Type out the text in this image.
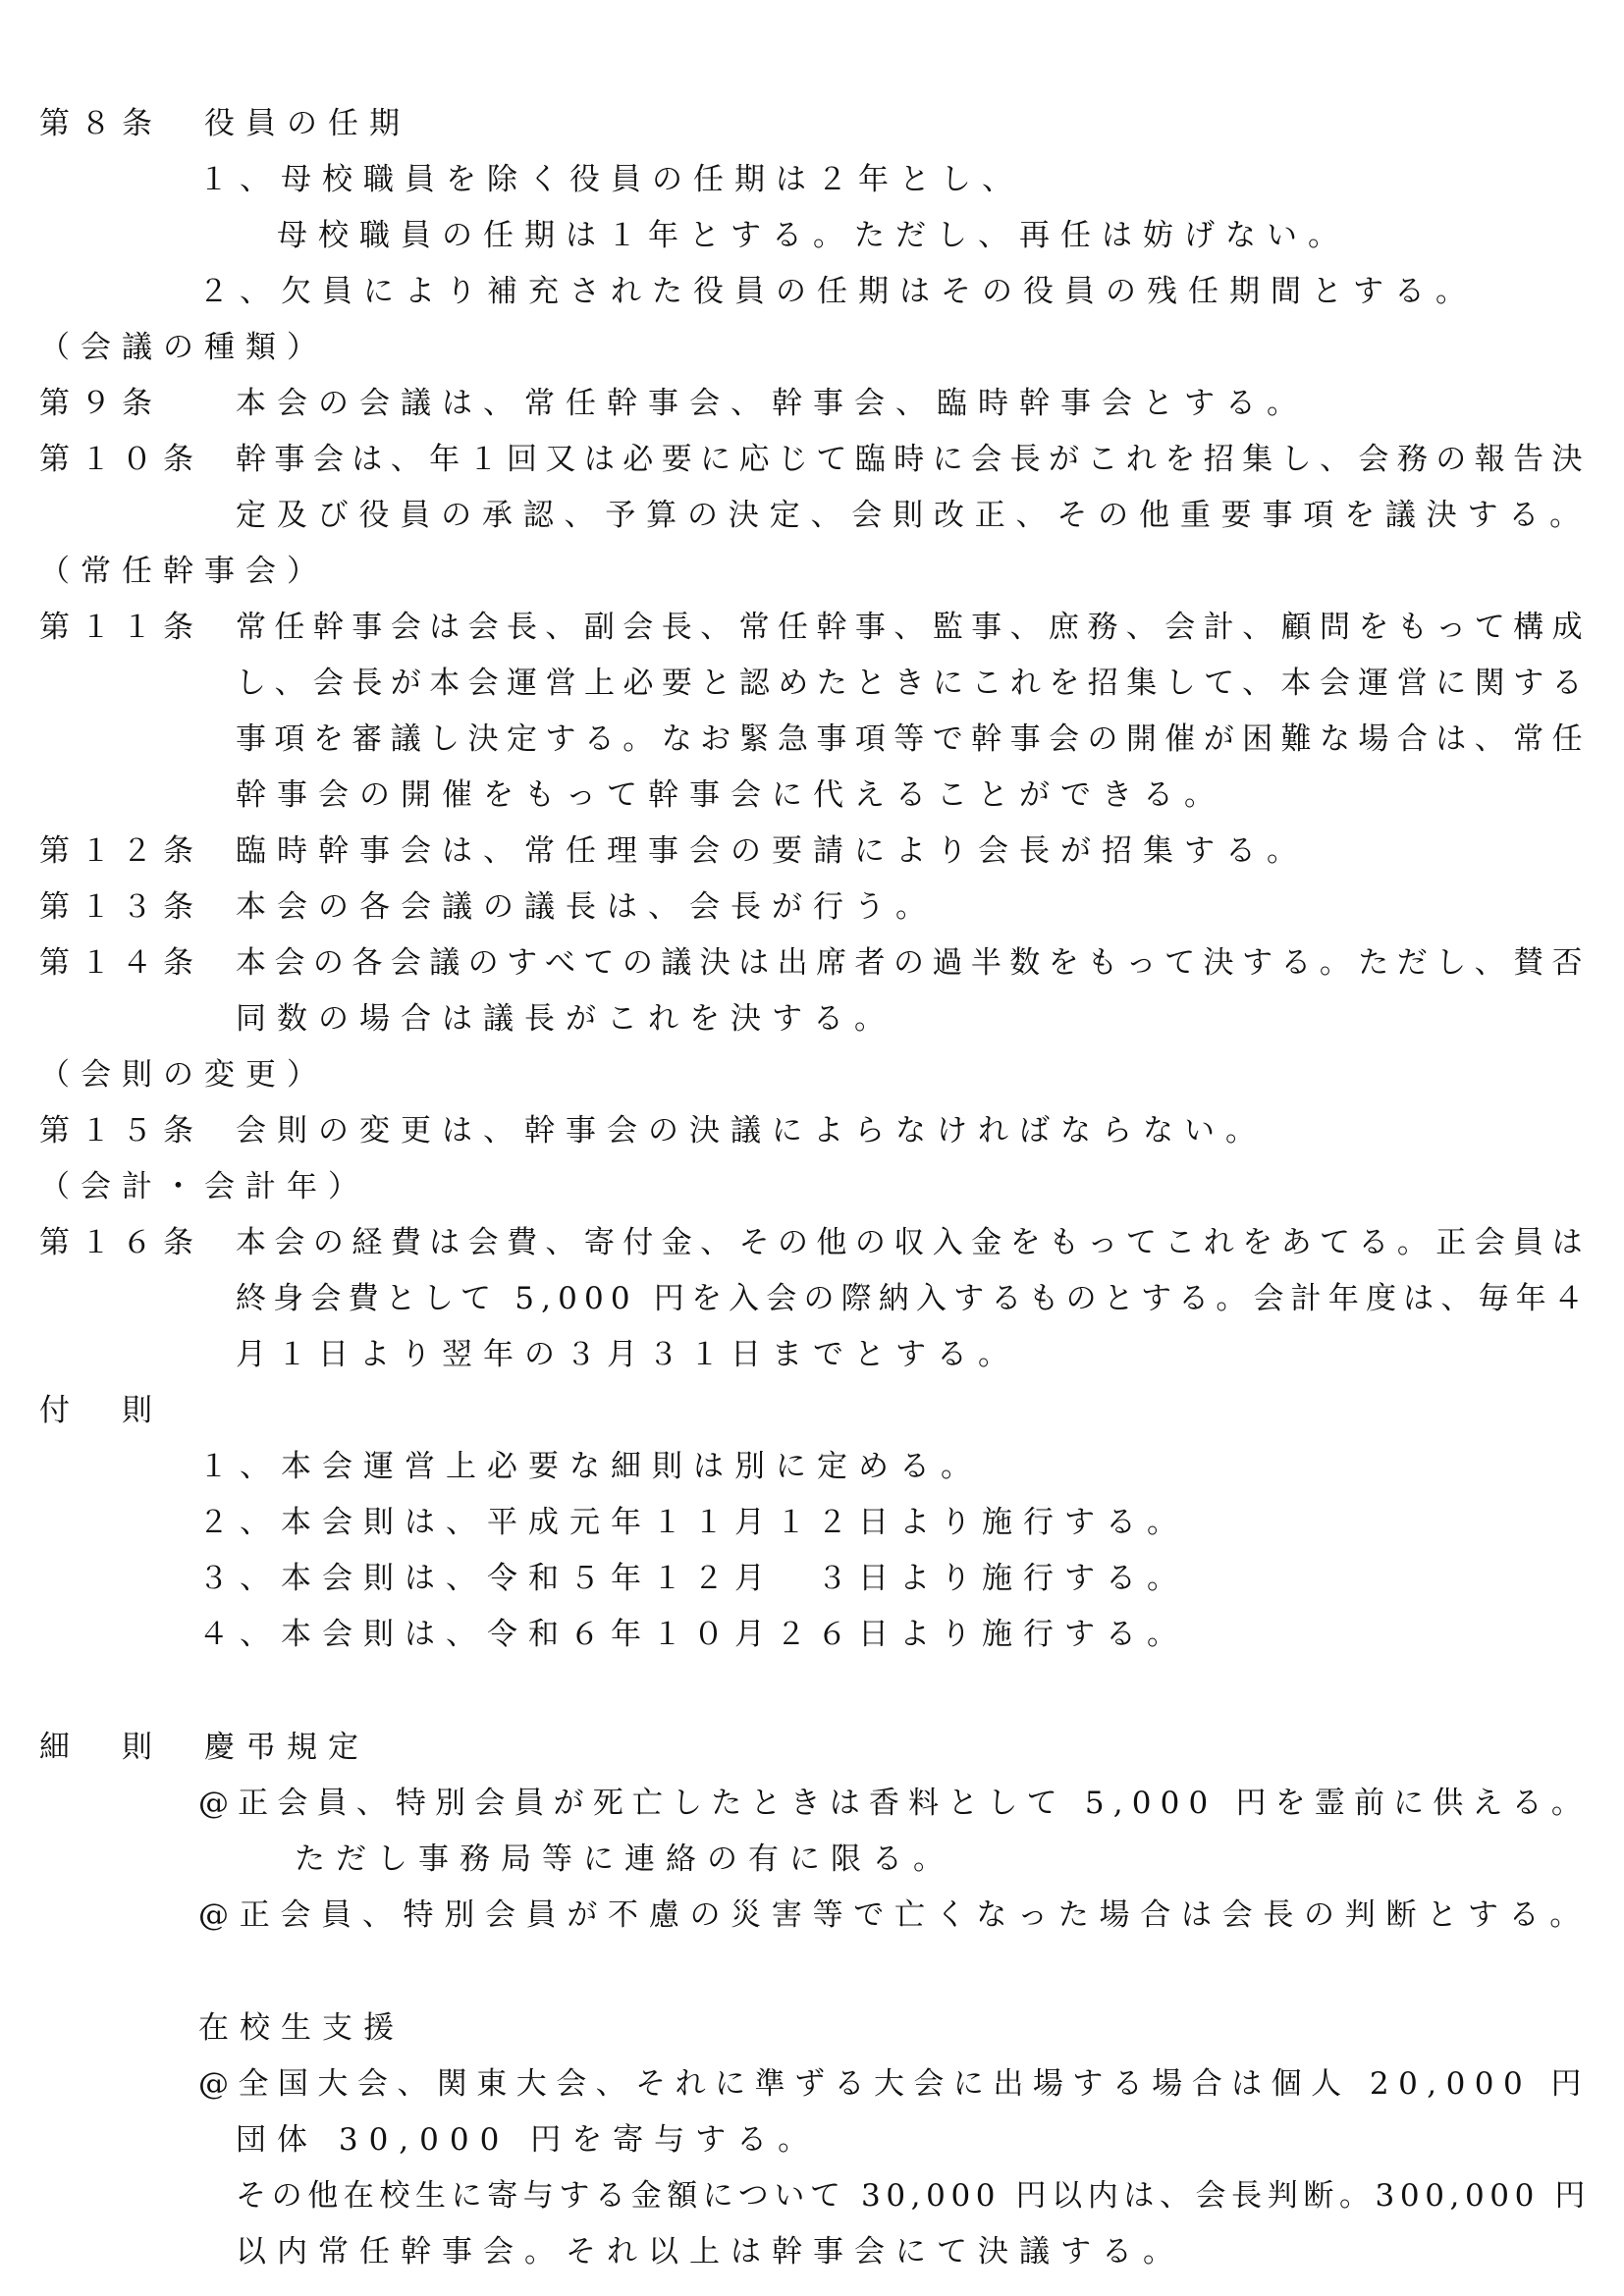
第８条　役員の任期
１、母校職員を除く役員の任期は２年とし、
母校職員の任期は１年とする。ただし、再任は妨げない。
２、欠員により補充された役員の任期はその役員の残任期間とする。
（会議の種類）
第９条 本会の会議は、常任幹事会、幹事会、臨時幹事会とする。
第１０条 幹事会は、年１回又は必要に応じて臨時に会長がこれを招集し、会務の報告決
定及び役員の承認、予算の決定、会則改正、その他重要事項を議決する。
（常任幹事会）
第１１条 常任幹事会は会長、副会長、常任幹事、監事、庶務、会計、顧問をもって構成
し、会長が本会運営上必要と認めたときにこれを招集して、本会運営に関する
事項を審議し決定する。なお緊急事項等で幹事会の開催が困難な場合は、常任
幹事会の開催をもって幹事会に代えることができる。
第１２条 臨時幹事会は、常任理事会の要請により会長が招集する。
第１３条 本会の各会議の議長は、会長が行う。
第１４条 本会の各会議のすべての議決は出席者の過半数をもって決する。ただし、賛否
同数の場合は議長がこれを決する。
（会則の変更）
第１５条 会則の変更は、幹事会の決議によらなければならない。
（会計・会計年）
第１６条 本会の経費は会費、寄付金、その他の収入金をもってこれをあてる。正会員は
終身会費として 5,000 円を入会の際納入するものとする。会計年度は、毎年４
月１日より翌年の３月３１日までとする。
付　則
１、本会運営上必要な細則は別に定める。
２、本会則は、平成元年１１月１２日より施行する。
３、本会則は、令和５年１２月　３日より施行する。
４、本会則は、令和６年１０月２６日より施行する。
細　則　慶弔規定
@正会員、特別会員が死亡したときは香料として 5,000 円を霊前に供える。
ただし事務局等に連絡の有に限る。
@正会員、特別会員が不慮の災害等で亡くなった場合は会長の判断とする。
在校生支援
@全国大会、関東大会、それに準ずる大会に出場する場合は個人 20,000 円
団体 30,000 円を寄与する。
その他在校生に寄与する金額について 30,000 円以内は、会長判断。300,000 円
以内常任幹事会。それ以上は幹事会にて決議する。
